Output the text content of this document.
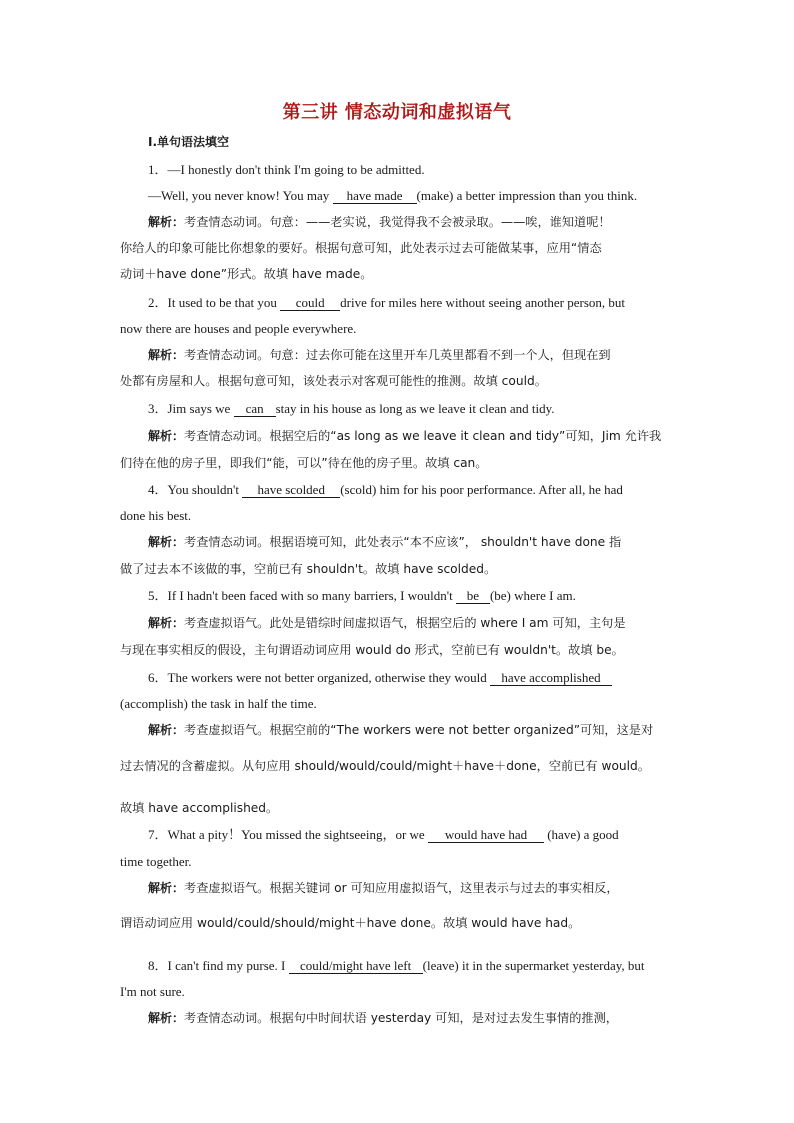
第三讲 情态动词和虚拟语气
Ⅰ.单句语法填空
1．—I honestly don't think I'm going to be admitted.
—Well, you never know! You may have made (make) a better impression than you think.
解析：考查情态动词。句意：——老实说，我觉得我不会被录取。——唉，谁知道呢！
你给人的印象可能比你想象的要好。根据句意可知，此处表示过去可能做某事，应用“情态
动词＋have done”形式。故填 have made。
2．It used to be that you could drive for miles here without seeing another person, but
now there are houses and people everywhere.
解析：考查情态动词。句意：过去你可能在这里开车几英里都看不到一个人，但现在到
处都有房屋和人。根据句意可知，该处表示对客观可能性的推测。故填 could。
3．Jim says we can stay in his house as long as we leave it clean and tidy.
解析：考查情态动词。根据空后的“as long as we leave it clean and tidy”可知，Jim 允许我
们待在他的房子里，即我们“能，可以”待在他的房子里。故填 can。
4．You shouldn't have scolded (scold) him for his poor performance. After all, he had
done his best.
解析：考查情态动词。根据语境可知，此处表示“本不应该”， shouldn't have done 指
做了过去本不该做的事，空前已有 shouldn't。故填 have scolded。
5．If I hadn't been faced with so many barriers, I wouldn't be (be) where I am.
解析：考查虚拟语气。此处是错综时间虚拟语气，根据空后的 where I am 可知，主句是
与现在事实相反的假设，主句谓语动词应用 would do 形式，空前已有 wouldn't。故填 be。
6．The workers were not better organized, otherwise they would have accomplished
(accomplish) the task in half the time.
解析：考查虚拟语气。根据空前的“The workers were not better organized”可知，这是对
过去情况的含蓄虚拟。从句应用 should/would/could/might＋have＋done，空前已有 would。
故填 have accomplished。
7．What a pity！You missed the sightseeing，or we would have had (have) a good
time together.
解析：考查虚拟语气。根据关键词 or 可知应用虚拟语气，这里表示与过去的事实相反，
谓语动词应用 would/could/should/might＋have done。故填 would have had。
8．I can't find my purse. I could/might have left (leave) it in the supermarket yesterday, but
I'm not sure.
解析：考查情态动词。根据句中时间状语 yesterday 可知，是对过去发生事情的推测，
